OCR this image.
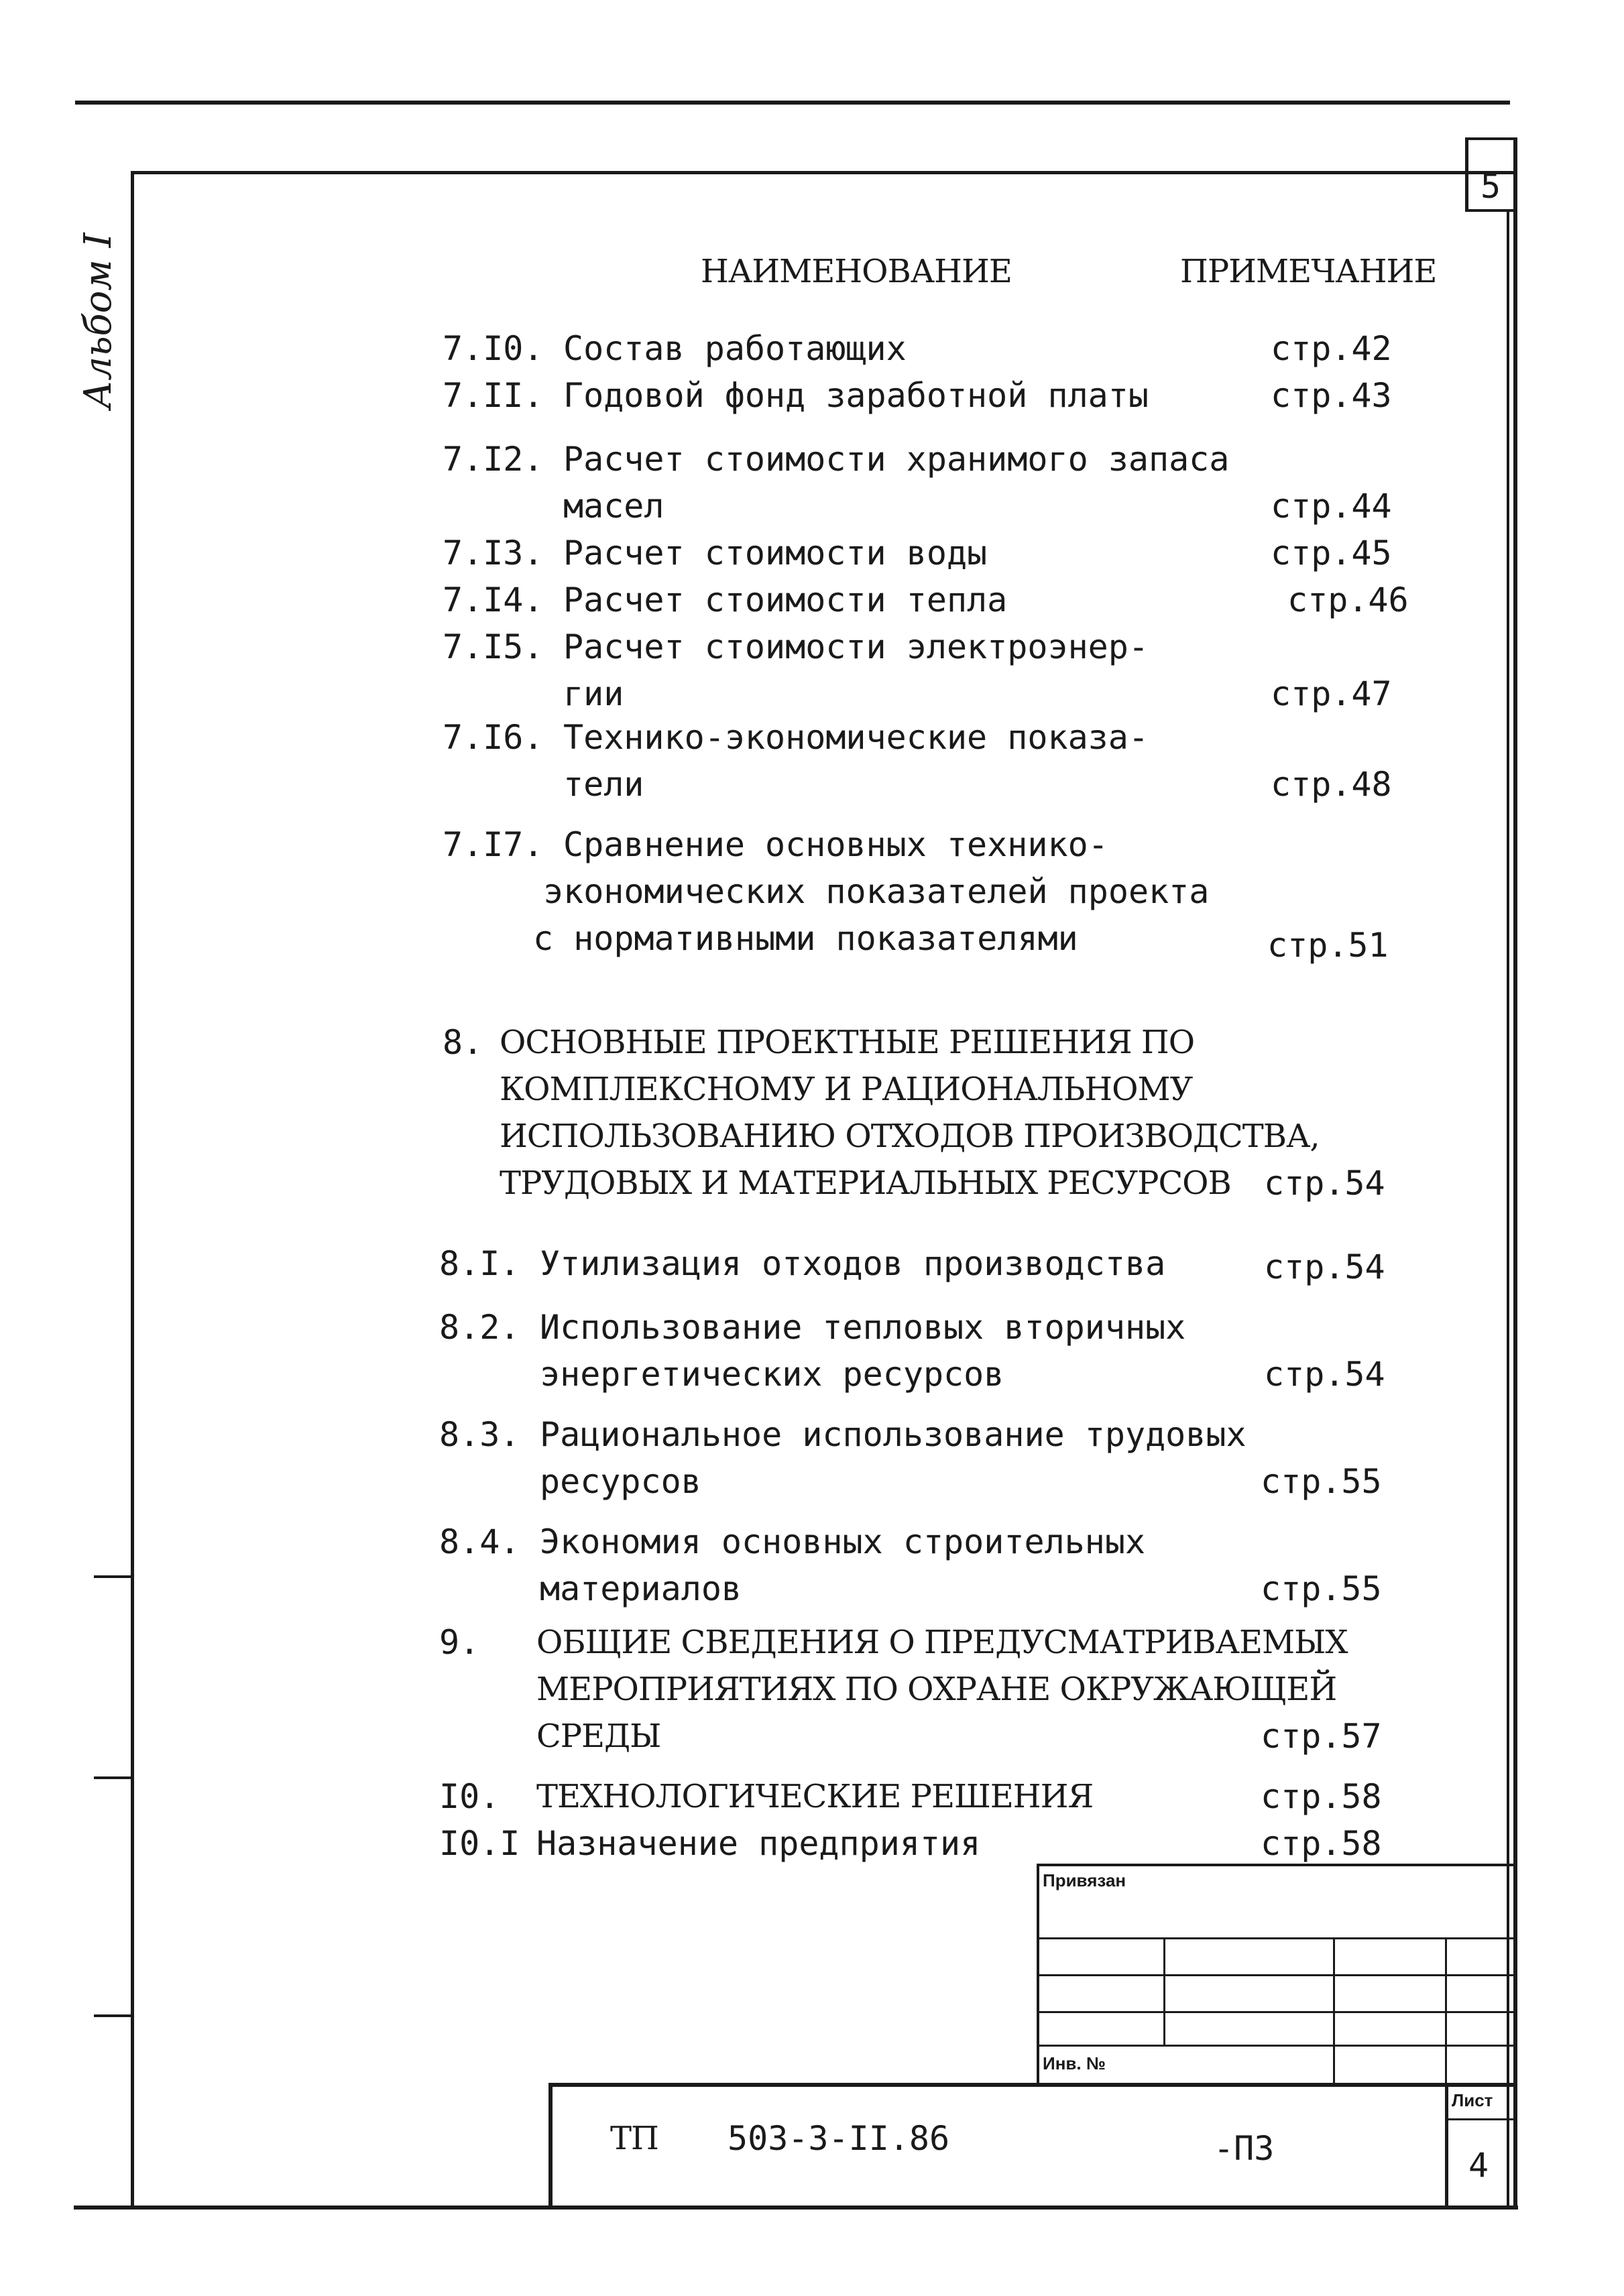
5
Альбом I	НАИМЕНОВАНИЕ	ПРИМЕЧАНИЕ
7.I0. Состав работающих	стр.42
7.II. Годовой фонд заработной платы	стр.43
7.I2. Расчет стоимости хранимого запаса
масел	стр.44
7.I3. Расчет стоимости воды	стр.45
7.I4. Расчет стоимости тепла	стр.46
7.I5. Расчет стоимости электроэнер-
гии	стр.47
7.I6. Технико-экономические показа-
тели	стр.48
7.I7. Сравнение основных технико-
экономических показателей проекта
с нормативными показателями	стр.51
8. ОСНОВНЫЕ ПРОЕКТНЫЕ РЕШЕНИЯ ПО
КОМПЛЕКСНОМУ И РАЦИОНАЛЬНОМУ
ИСПОЛЬЗОВАНИЮ ОТХОДОВ ПРОИЗВОДСТВА,
ТРУДОВЫХ И МАТЕРИАЛЬНЫХ РЕСУРСОВ стр.54
8.I. Утилизация отходов производства	стр.54
8.2. Использование тепловых вторичных
энергетических ресурсов	стр.54
8.3. Рациональное использование трудовых
ресурсов	стр.55
8.4. Экономия основных строительных
материалов	стр.55
9. ОБЩИЕ СВЕДЕНИЯ О ПРЕДУСМАТРИВАЕМЫХ
МЕРОПРИЯТИЯХ ПО ОХРАНЕ ОКРУЖАЮЩЕЙ
СРЕДЫ	стр.57
I0. ТЕХНОЛОГИЧЕСКИЕ РЕШЕНИЯ	стр.58
I0.I Назначение предприятия	стр.58
Привязан
Инв. №
ТП 503-3-II.86	-ПЗ
Лист
4
